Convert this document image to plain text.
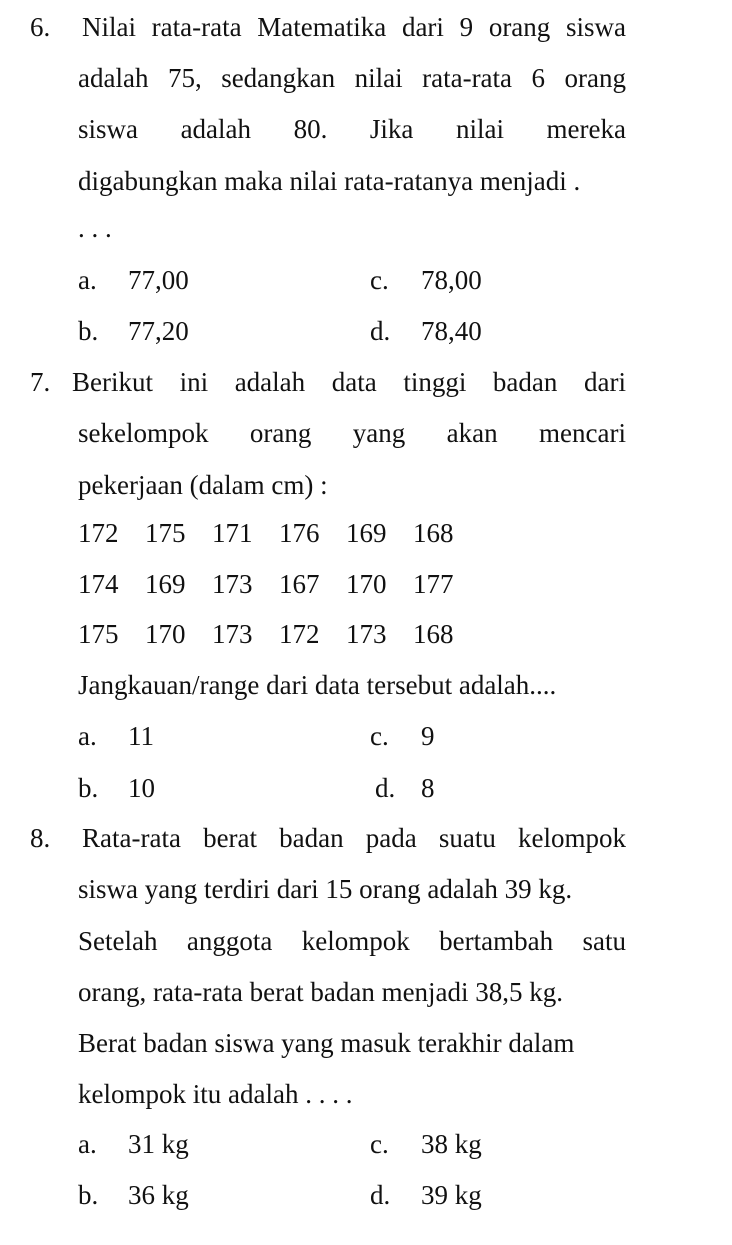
6. Nilai rata-rata Matematika dari 9 orang siswa
adalah 75, sedangkan nilai rata-rata 6 orang
siswa adalah 80. Jika nilai mereka
digabungkan maka nilai rata-ratanya menjadi .
. . .
a. 77,00
b. 77,20
c. 78,00
d. 78,40
7. Berikut ini adalah data tinggi badan dari
sekelompok orang yang akan mencari
pekerjaan (dalam cm) :
172 175 171 176 169 168
174 169 173 167 170 177
175 170 173 172 173 168
Jangkauan/range dari data tersebut adalah....
a. 11
b. 10
c. 9
d. 8
8. Rata-rata berat badan pada suatu kelompok
siswa yang terdiri dari 15 orang adalah 39 kg.
Setelah anggota kelompok bertambah satu
orang, rata-rata berat badan menjadi 38,5 kg.
Berat badan siswa yang masuk terakhir dalam
kelompok itu adalah . . . .
a. 31 kg
b. 36 kg
c. 38 kg
d. 39 kg
